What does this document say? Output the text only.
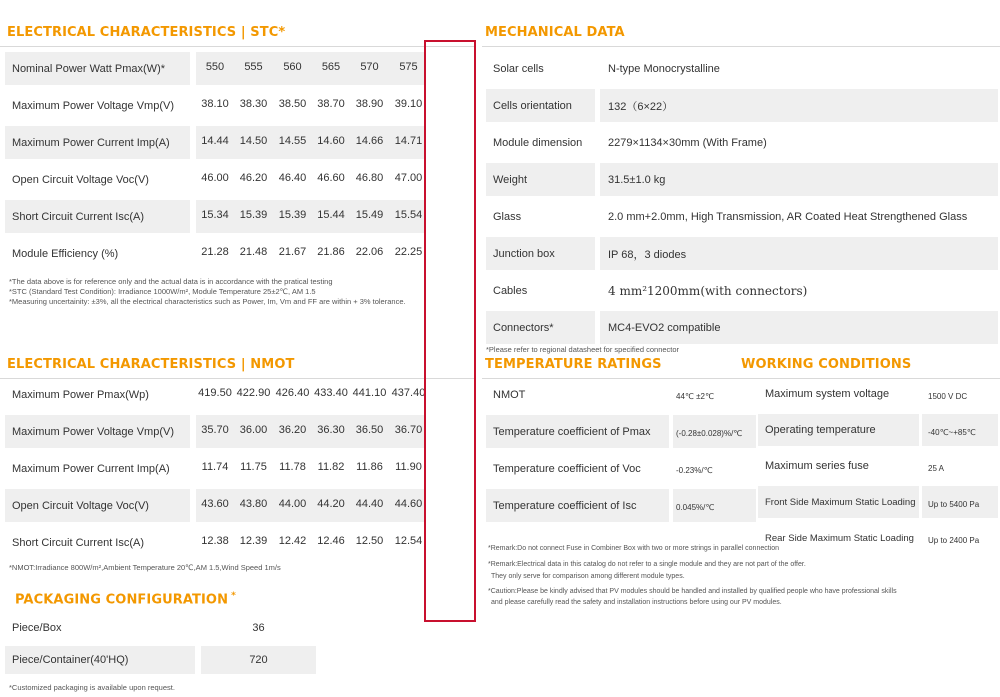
ELECTRICAL CHARACTERISTICS | STC*
Nominal Power Watt Pmax(W)*	550	555	560	565	570	575
Maximum Power Voltage Vmp(V)	38.10 38.30	38.50 38.70 38.90	39.10
Maximum Power Current Imp(A)	14.44 14.50	14.55 14.60 14.66	14.71
Open Circuit Voltage Voc(V)	46.00 46.20	46.40 46.60 46.80	47.00
Short Circuit Current Isc(A)	15.34 15.39	15.39 15.44 15.49	15.54
Module Efficiency (%)	21.28 21.48	21.67 21.86 22.06	22.25
*The data above is for reference only and the actual data is in accordance with the pratical testing
*STC (Standard Test Condition): Irradiance 1000W/m², Module Temperature 25±2℃, AM 1.5
*Measuring uncertainity: ±3%, all the electrical characteristics such as Power, Im, Vm and FF are within + 3% tolerance.
ELECTRICAL CHARACTERISTICS | NMOT
Maximum Power Pmax(Wp)	419.50 422.90 426.40 433.40 441.10 437.40
Maximum Power Voltage Vmp(V)	35.70 36.00	36.20 36.30 36.50	36.70
Maximum Power Current Imp(A)	11.74	11.75	11.78	11.82	11.86	11.90
Open Circuit Voltage Voc(V)	43.60 43.80	44.00 44.20 44.40	44.60
Short Circuit Current Isc(A)	12.38 12.39	12.42 12.46 12.50	12.54
*NMOT:Irradiance 800W/m²,Ambient Temperature 20℃,AM 1.5,Wind Speed 1m/s
PACKAGING CONFIGURATION *
Piece/Box	36
Piece/Container(40'HQ)	720
*Customized packaging is available upon request.
MECHANICAL DATA
Solar cells	N-type Monocrystalline
Cells orientation	132（6×22）
Module dimension	2279×1134×30mm (With Frame)
Weight	31.5±1.0 kg
Glass	2.0 mm+2.0mm, High Transmission, AR Coated Heat Strengthened Glass
Junction box	IP 68，3 diodes
Cables	4 mm²1200mm(with connectors)
Connectors*	MC4-EVO2 compatible
*Please refer to regional datasheet for specified connector
TEMPERATURE RATINGS	WORKING CONDITIONS
NMOT	44℃ ±2℃
Temperature coefficient of Pmax	(-0.28±0.028)%/℃
Temperature coefficient of Voc	-0.23%/℃
Temperature coefficient of Isc	0.045%/℃
Maximum system voltage	1500 V DC
Operating temperature	-40℃~+85℃
Maximum series fuse	25 A
Front Side Maximum Static Loading	Up to 5400 Pa
Rear Side Maximum Static Loading	Up to 2400 Pa
*Remark:Do not connect Fuse in Combiner Box with two or more strings in parallel connection
*Remark:Electrical data in this catalog do not refer to a single module and they are not part of the offer.
They only serve for comparison among different module types.
*Caution:Please be kindly advised that PV modules should be handled and installed by qualified people who have professional skills
and please carefully read the safety and installation instructions before using our PV modules.
